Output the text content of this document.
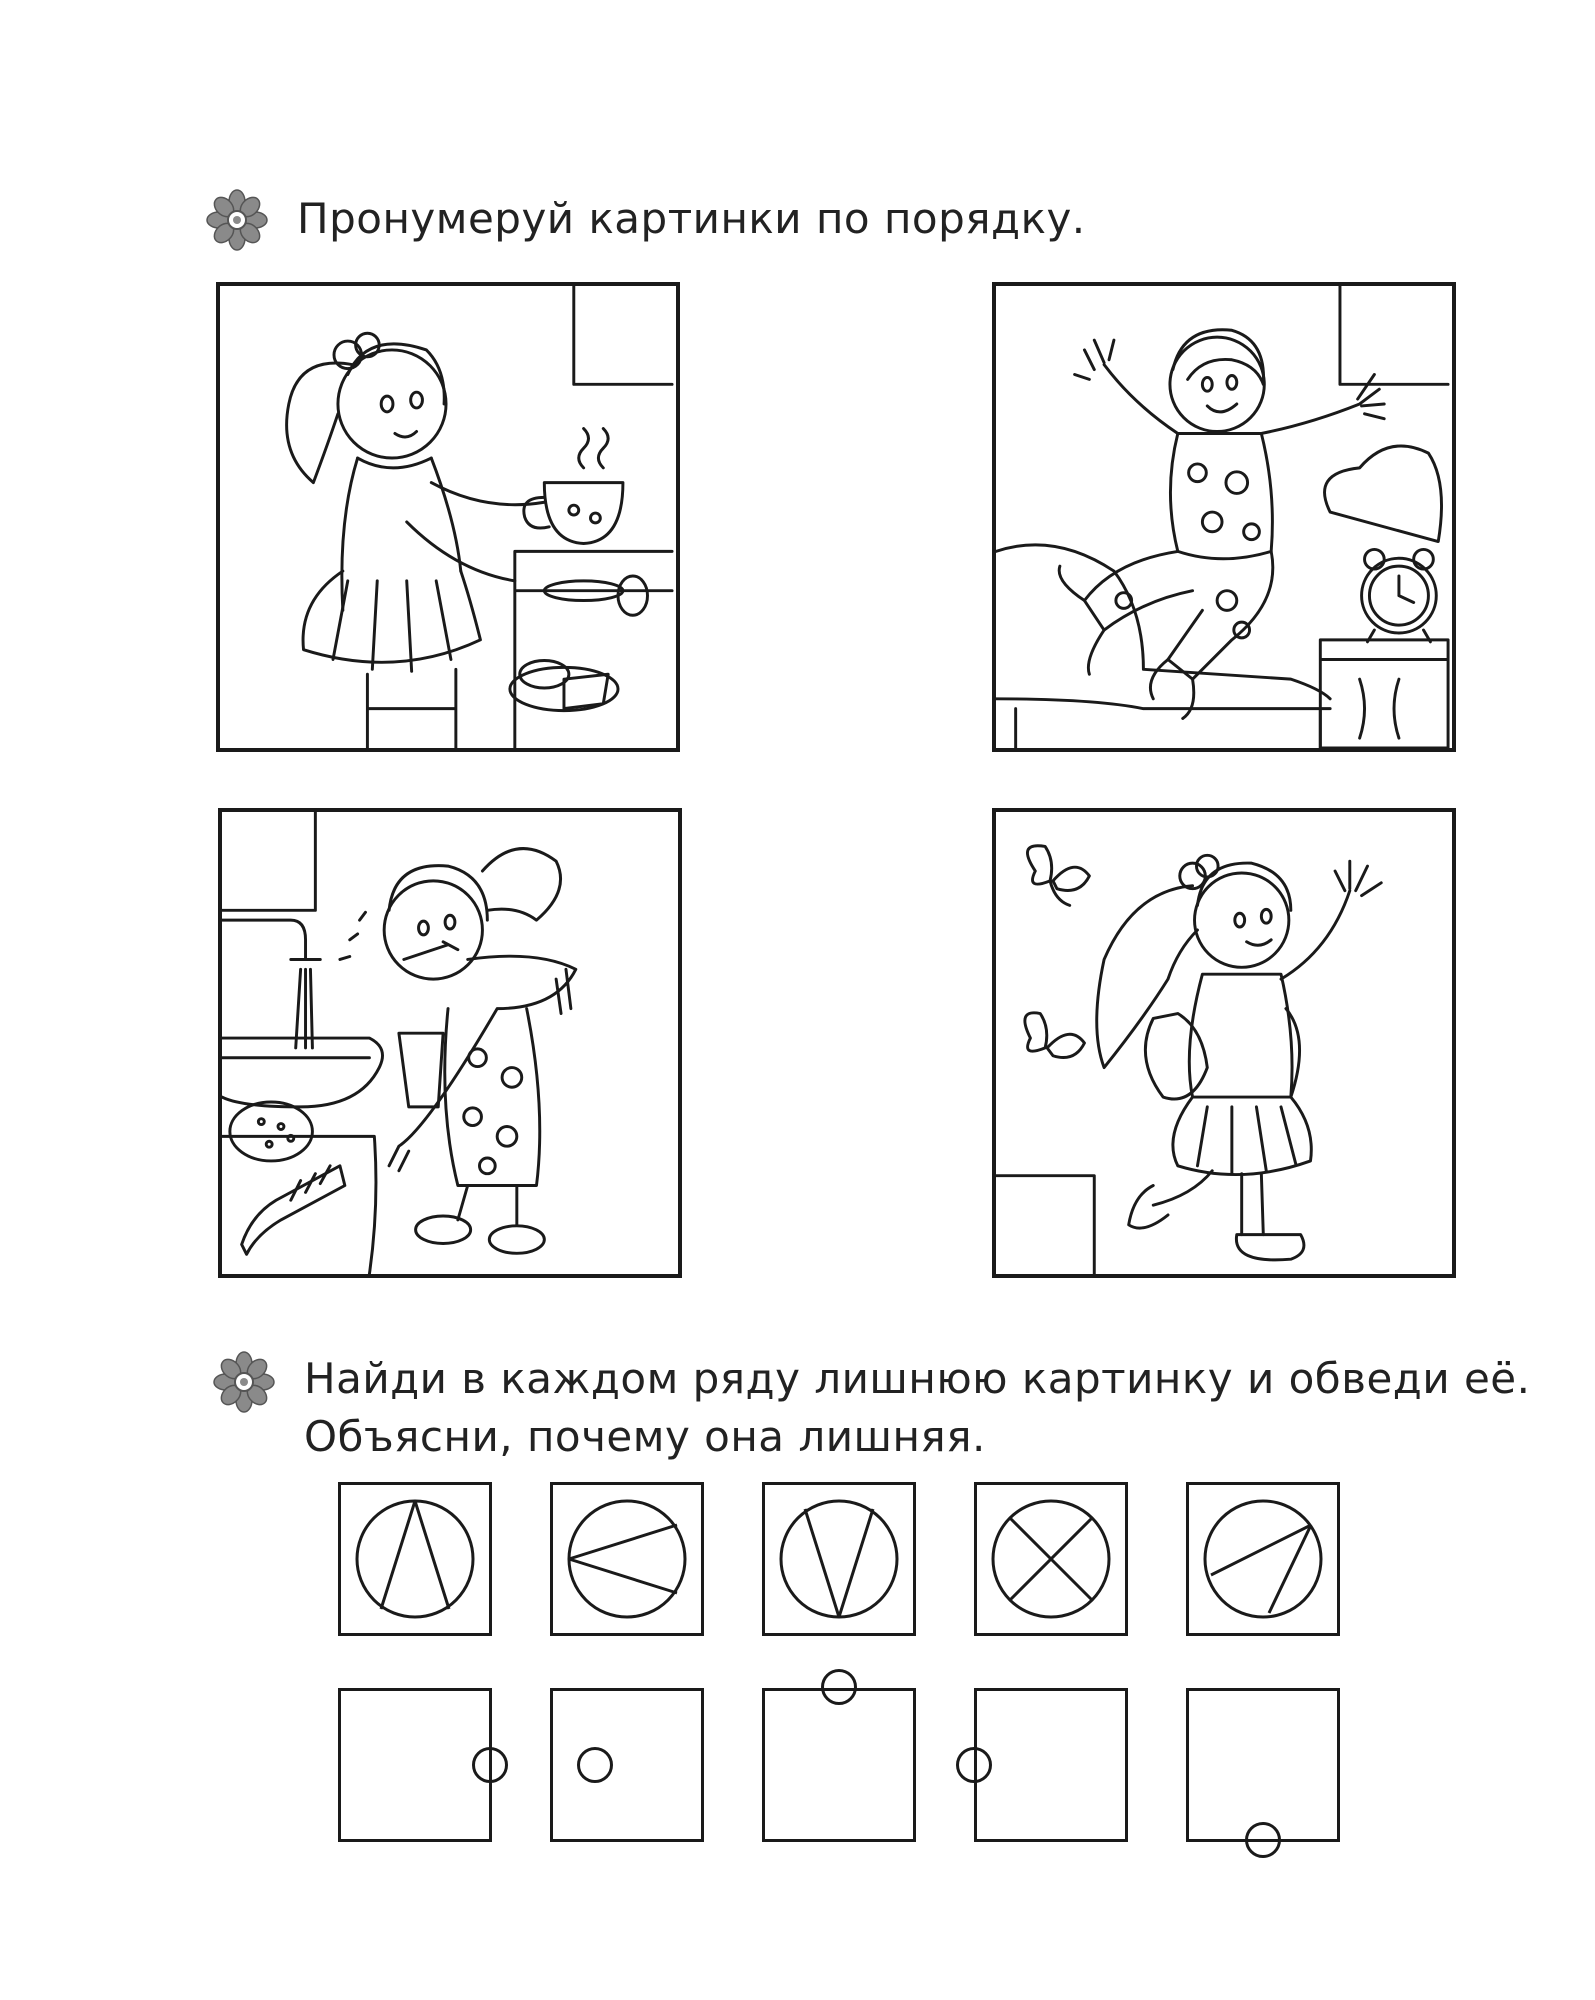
Пронумеруй картинки по порядку.
Найди в каждом ряду лишнюю картинку и обведи её.
Объясни, почему она лишняя.
